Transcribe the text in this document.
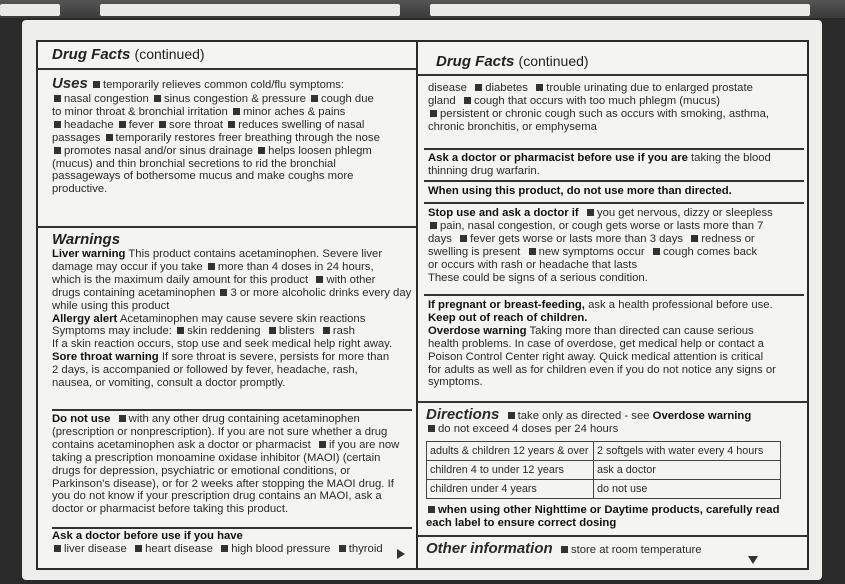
Drug Facts (continued)
Uses temporarily relieves common cold/flu symptoms:
nasal congestion sinus congestion & pressure cough due
to minor throat & bronchial irritation minor aches & pains
headache fever sore throat reduces swelling of nasal
passages temporarily restores freer breathing through the nose
promotes nasal and/or sinus drainage helps loosen phlegm
(mucus) and thin bronchial secretions to rid the bronchial
passageways of bothersome mucus and make coughs more
productive.
Warnings
Liver warning This product contains acetaminophen. Severe liver
damage may occur if you take more than 4 doses in 24 hours,
which is the maximum daily amount for this product  with other
drugs containing acetaminophen 3 or more alcoholic drinks every day
while using this product
Allergy alert Acetaminophen may cause severe skin reactions
Symptoms may include: skin reddening blisters rash
If a skin reaction occurs, stop use and seek medical help right away.
Sore throat warning If sore throat is severe, persists for more than
2 days, is accompanied or followed by fever, headache, rash,
nausea, or vomiting, consult a doctor promptly.
Do not use with any other drug containing acetaminophen
(prescription or nonprescription). If you are not sure whether a drug
contains acetaminophen ask a doctor or pharmacist  if you are now
taking a prescription monoamine oxidase inhibitor (MAOI) (certain
drugs for depression, psychiatric or emotional conditions, or
Parkinson's disease), or for 2 weeks after stopping the MAOI drug. If
you do not know if your prescription drug contains an MAOI, ask a
doctor or pharmacist before taking this product.
Ask a doctor before use if you have
liver disease heart disease high blood pressure thyroid
Drug Facts (continued)
disease diabetes trouble urinating due to enlarged prostate
gland cough that occurs with too much phlegm (mucus)
persistent or chronic cough such as occurs with smoking, asthma,
chronic bronchitis, or emphysema
Ask a doctor or pharmacist before use if you are taking the blood
thinning drug warfarin.
When using this product, do not use more than directed.
Stop use and ask a doctor if you get nervous, dizzy or sleepless
pain, nasal congestion, or cough gets worse or lasts more than 7
days fever gets worse or lasts more than 3 days redness or
swelling is present new symptoms occur cough comes back
or occurs with rash or headache that lasts
These could be signs of a serious condition.
If pregnant or breast-feeding, ask a health professional before use.
Keep out of reach of children.
Overdose warning Taking more than directed can cause serious
health problems. In case of overdose, get medical help or contact a
Poison Control Center right away. Quick medical attention is critical
for adults as well as for children even if you do not notice any signs or
symptoms.
Directions take only as directed - see Overdose warning
do not exceed 4 doses per 24 hours
adults & children 12 years & over	2 softgels with water every 4 hours
children 4 to under 12 years	ask a doctor
children under 4 years	do not use
when using other Nighttime or Daytime products, carefully read
each label to ensure correct dosing
Other information store at room temperature
